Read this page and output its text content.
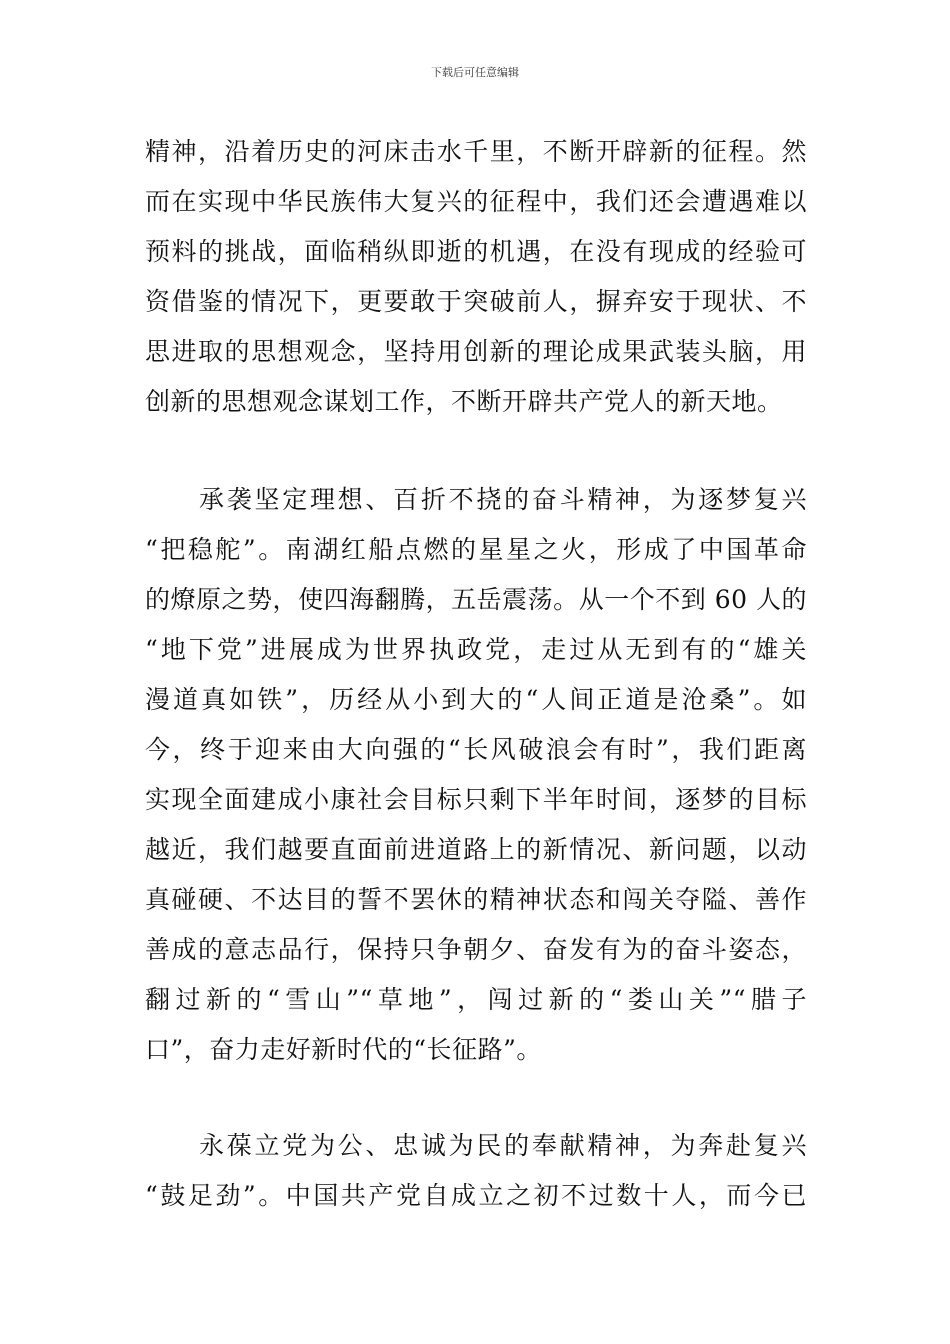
下载后可任意编辑
精神，沿着历史的河床击水千里，不断开辟新的征程。然
而在实现中华民族伟大复兴的征程中，我们还会遭遇难以
预料的挑战，面临稍纵即逝的机遇，在没有现成的经验可
资借鉴的情况下，更要敢于突破前人，摒弃安于现状、不
思进取的思想观念，坚持用创新的理论成果武装头脑，用
创新的思想观念谋划工作，不断开辟共产党人的新天地。
承袭坚定理想、百折不挠的奋斗精神，为逐梦复兴
“把稳舵”。南湖红船点燃的星星之火，形成了中国革命
的燎原之势，使四海翻腾，五岳震荡。从一个不到 60 人的
“地下党”进展成为世界执政党，走过从无到有的“雄关
漫道真如铁”，历经从小到大的“人间正道是沧桑”。如
今，终于迎来由大向强的“长风破浪会有时”，我们距离
实现全面建成小康社会目标只剩下半年时间，逐梦的目标
越近，我们越要直面前进道路上的新情况、新问题，以动
真碰硬、不达目的誓不罢休的精神状态和闯关夺隘、善作
善成的意志品行，保持只争朝夕、奋发有为的奋斗姿态，
翻过新的“雪山”“草地”，闯过新的“娄山关”“腊子
口”，奋力走好新时代的“长征路”。
永葆立党为公、忠诚为民的奉献精神，为奔赴复兴
“鼓足劲”。中国共产党自成立之初不过数十人，而今已
